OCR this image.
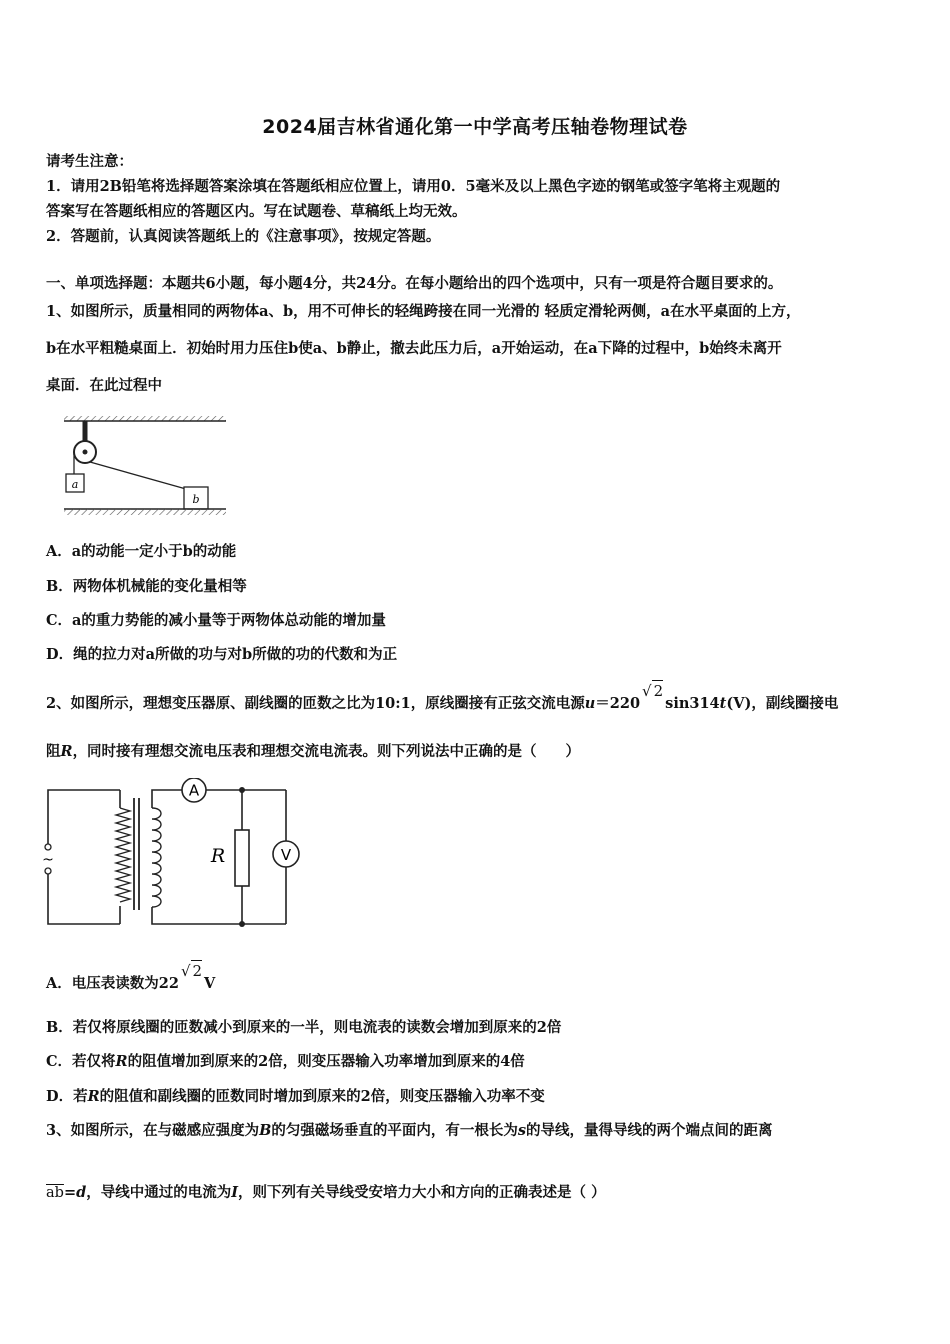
2024届吉林省通化第一中学高考压轴卷物理试卷
请考生注意：
1．请用2B铅笔将选择题答案涂填在答题纸相应位置上，请用0．5毫米及以上黑色字迹的钢笔或签字笔将主观题的
答案写在答题纸相应的答题区内。写在试题卷、草稿纸上均无效。
2．答题前，认真阅读答题纸上的《注意事项》，按规定答题。
一、单项选择题：本题共6小题，每小题4分，共24分。在每小题给出的四个选项中，只有一项是符合题目要求的。
1、如图所示，质量相同的两物体a、b，用不可伸长的轻绳跨接在同一光滑的 轻质定滑轮两侧，a在水平桌面的上方，
b在水平粗糙桌面上．初始时用力压住b使a、b静止，撤去此压力后，a开始运动，在a下降的过程中，b始终未离开
桌面．在此过程中
a
b
A．a的动能一定小于b的动能
B．两物体机械能的变化量相等
C．a的重力势能的减小量等于两物体总动能的增加量
D．绳的拉力对a所做的功与对b所做的功的代数和为正
2、如图所示，理想变压器原、副线圈的匝数之比为10:1，原线圈接有正弦交流电源u＝220√ 2sin314t(V)，副线圈接电
阻R，同时接有理想交流电压表和理想交流电流表。则下列说法中正确的是（　　）
~
A
R	V
A．电压表读数为22√ 2V
B．若仅将原线圈的匝数减小到原来的一半，则电流表的读数会增加到原来的2倍
C．若仅将R的阻值增加到原来的2倍，则变压器输入功率增加到原来的4倍
D．若R的阻值和副线圈的匝数同时增加到原来的2倍，则变压器输入功率不变
3、如图所示，在与磁感应强度为B的匀强磁场垂直的平面内，有一根长为s的导线，量得导线的两个端点间的距离
$\overline{ab}=d$，导线中通过的电流为I，则下列有关导线受安培力大小和方向的正确表述是（ ）
